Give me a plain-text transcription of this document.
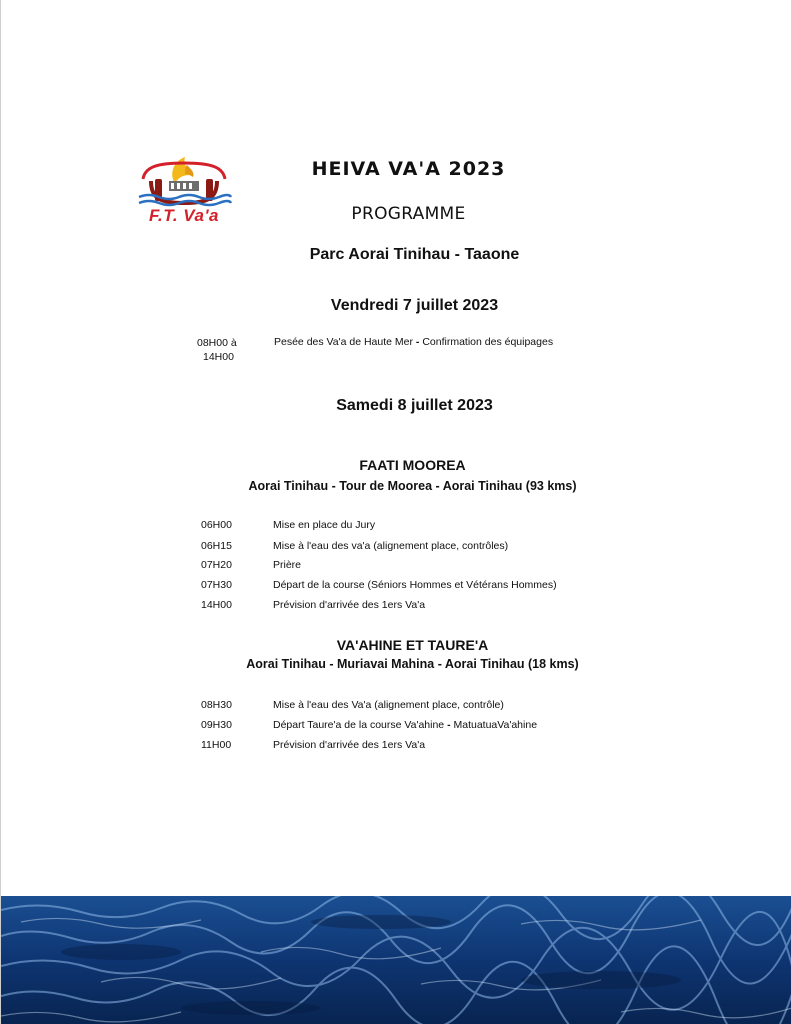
F.T. Va'a
HEIVA VA'A 2023
PROGRAMME
Parc Aorai Tinihau - Taaone
Vendredi 7 juillet 2023
08H00 à
14H00
Pesée des Va'a de Haute Mer - Confirmation des équipages
Samedi 8 juillet 2023
FAATI MOOREA
Aorai Tinihau - Tour de Moorea - Aorai Tinihau (93 kms)
06H00	Mise en place du Jury
06H15	Mise à l'eau des va'a (alignement place, contrôles)
07H20	Prière
07H30	Départ de la course (Séniors Hommes et Vétérans Hommes)
14H00	Prévision d'arrivée des 1ers Va'a
VA'AHINE ET TAURE'A
Aorai Tinihau - Muriavai Mahina - Aorai Tinihau (18 kms)
08H30	Mise à l'eau des Va'a (alignement place, contrôle)
09H30	Départ Taure'a de la course Va'ahine - MatuatuaVa'ahine
11H00	Prévision d'arrivée des 1ers Va'a
